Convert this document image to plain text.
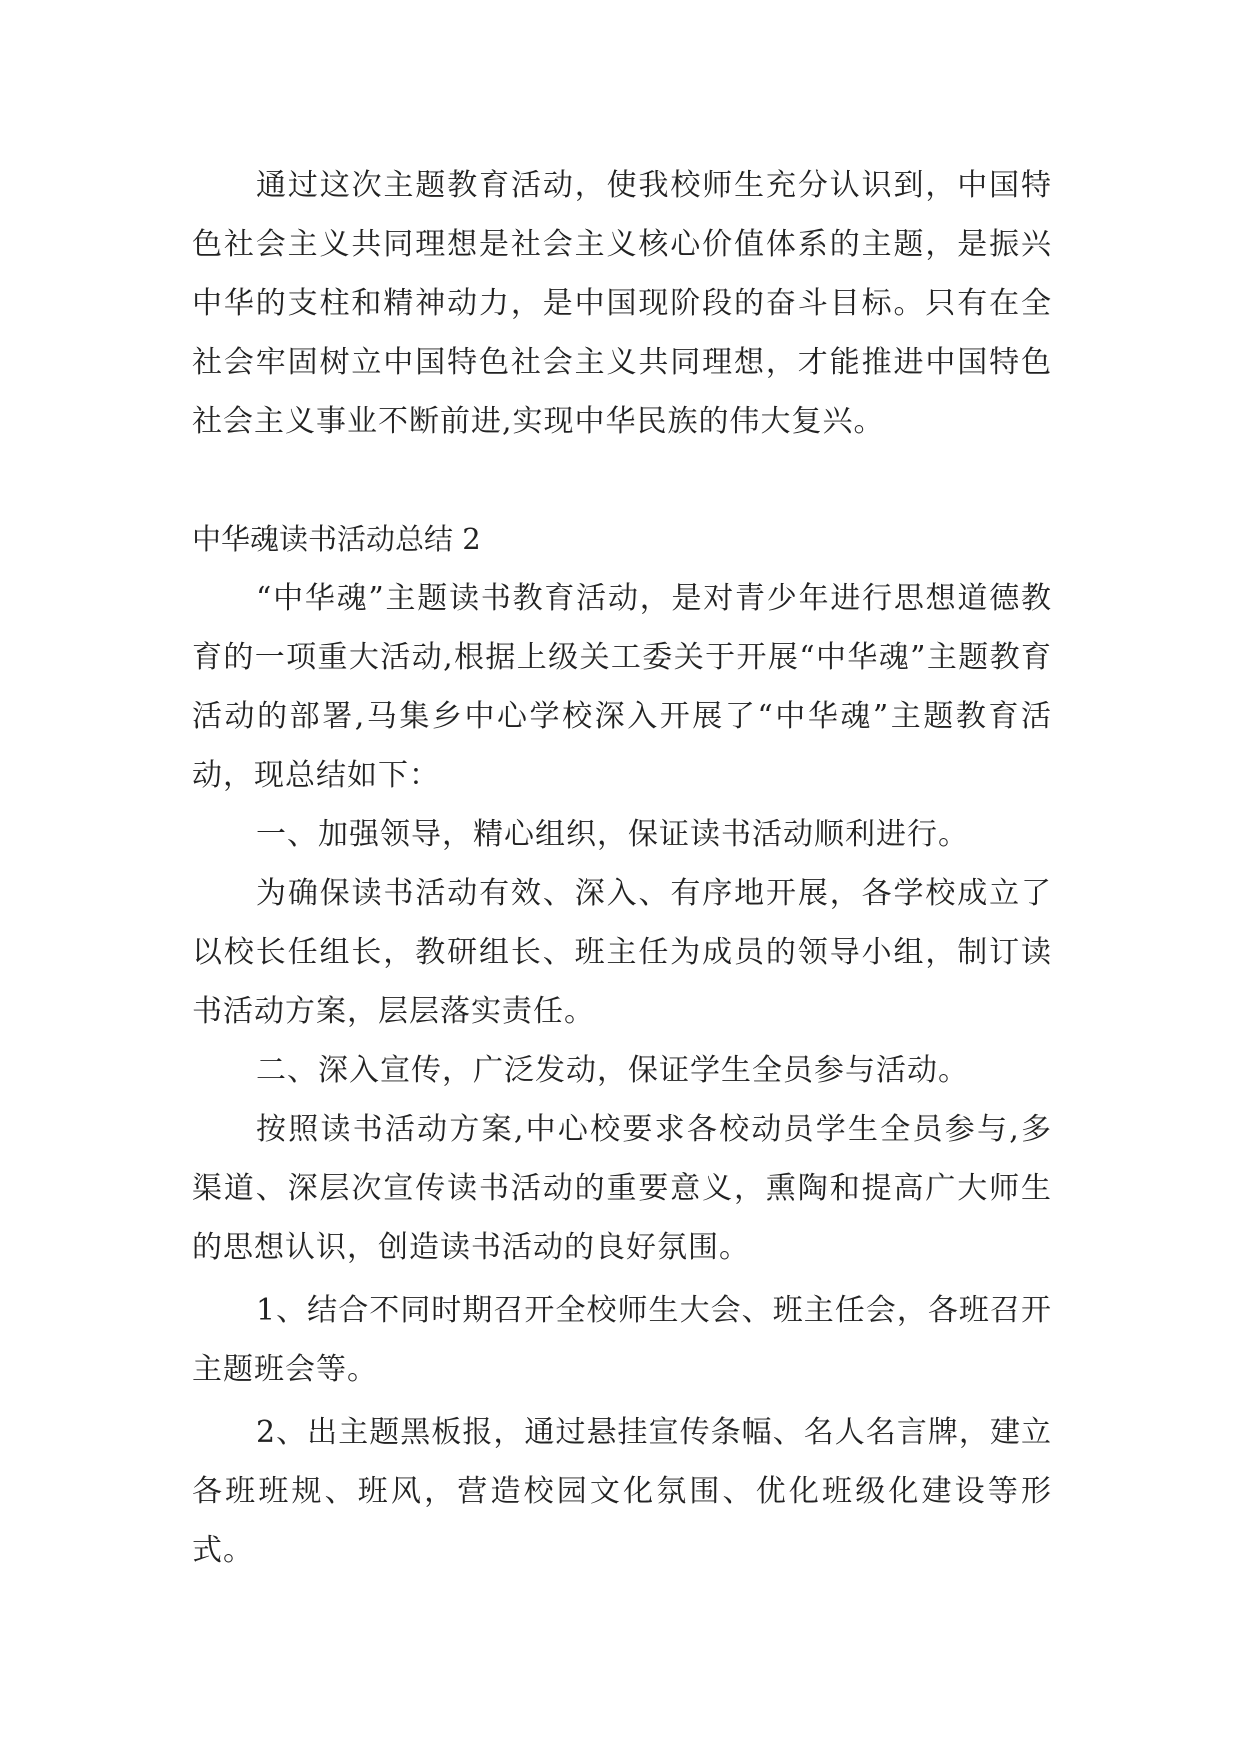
通过这次主题教育活动，使我校师生充分认识到，中国特色社会主义共同理想是社会主义核心价值体系的主题，是振兴中华的支柱和精神动力，是中国现阶段的奋斗目标。只有在全社会牢固树立中国特色社会主义共同理想，才能推进中国特色社会主义事业不断前进,实现中华民族的伟大复兴。

中华魂读书活动总结 2

“中华魂”主题读书教育活动，是对青少年进行思想道德教育的一项重大活动,根据上级关工委关于开展“中华魂”主题教育活动的部署,马集乡中心学校深入开展了“中华魂”主题教育活动，现总结如下：

一、加强领导，精心组织，保证读书活动顺利进行。

为确保读书活动有效、深入、有序地开展，各学校成立了以校长任组长，教研组长、班主任为成员的领导小组，制订读书活动方案，层层落实责任。

二、深入宣传，广泛发动，保证学生全员参与活动。

按照读书活动方案,中心校要求各校动员学生全员参与,多渠道、深层次宣传读书活动的重要意义，熏陶和提高广大师生的思想认识，创造读书活动的良好氛围。

1、结合不同时期召开全校师生大会、班主任会，各班召开主题班会等。

2、出主题黑板报，通过悬挂宣传条幅、名人名言牌，建立各班班规、班风，营造校园文化氛围、优化班级化建设等形式。
